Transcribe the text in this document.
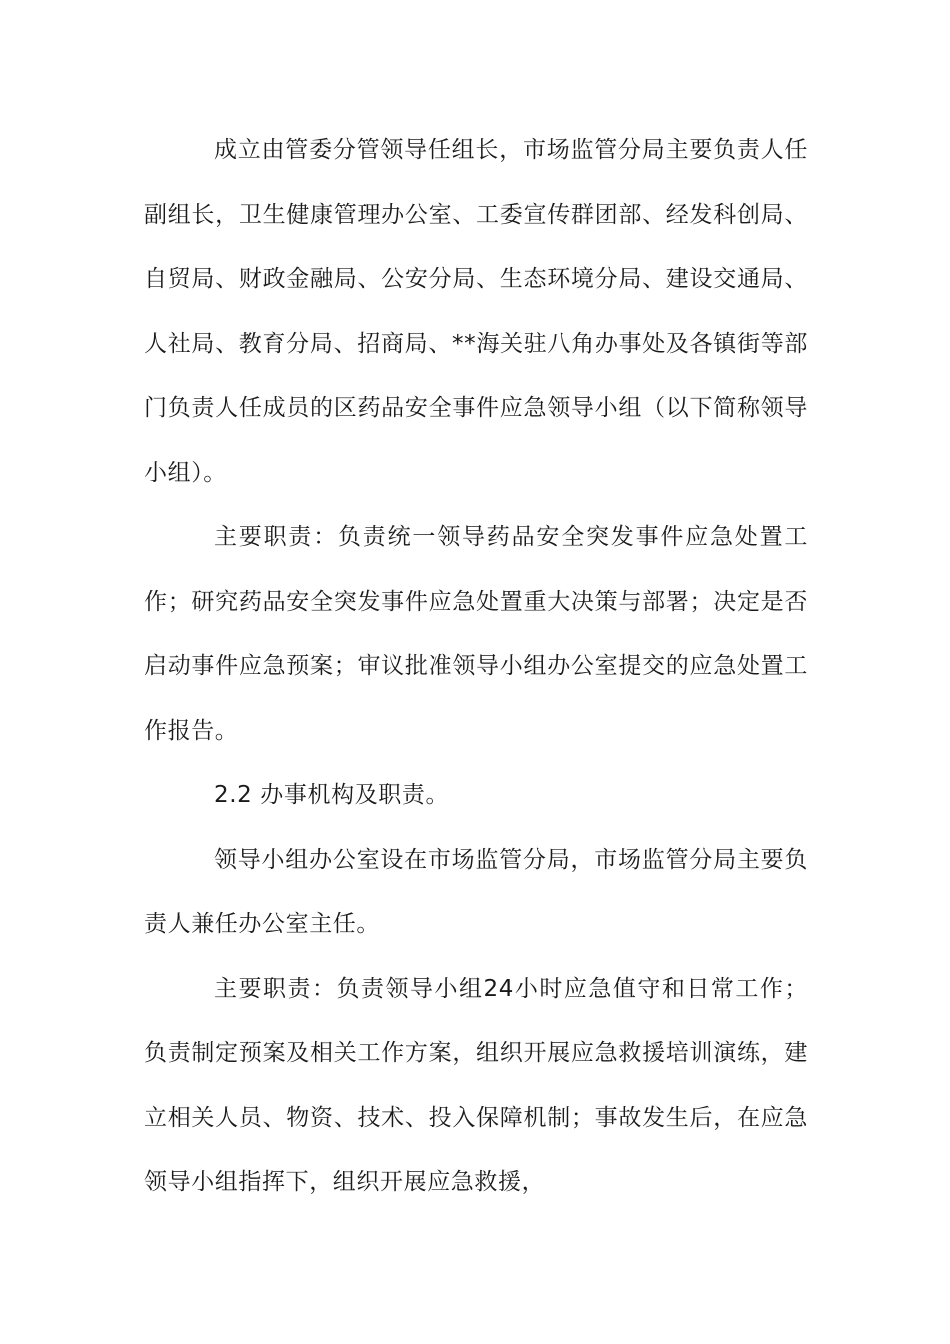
成立由管委分管领导任组长，市场监管分局主要负责人任副组长，卫生健康管理办公室、工委宣传群团部、经发科创局、自贸局、财政金融局、公安分局、生态环境分局、建设交通局、人社局、教育分局、招商局、**海关驻八角办事处及各镇街等部门负责人任成员的区药品安全事件应急领导小组（以下简称领导小组）。

主要职责：负责统一领导药品安全突发事件应急处置工作；研究药品安全突发事件应急处置重大决策与部署；决定是否启动事件应急预案；审议批准领导小组办公室提交的应急处置工作报告。

2.2 办事机构及职责。

领导小组办公室设在市场监管分局，市场监管分局主要负责人兼任办公室主任。

主要职责：负责领导小组24小时应急值守和日常工作；负责制定预案及相关工作方案，组织开展应急救援培训演练，建立相关人员、物资、技术、投入保障机制；事故发生后，在应急领导小组指挥下，组织开展应急救援，
